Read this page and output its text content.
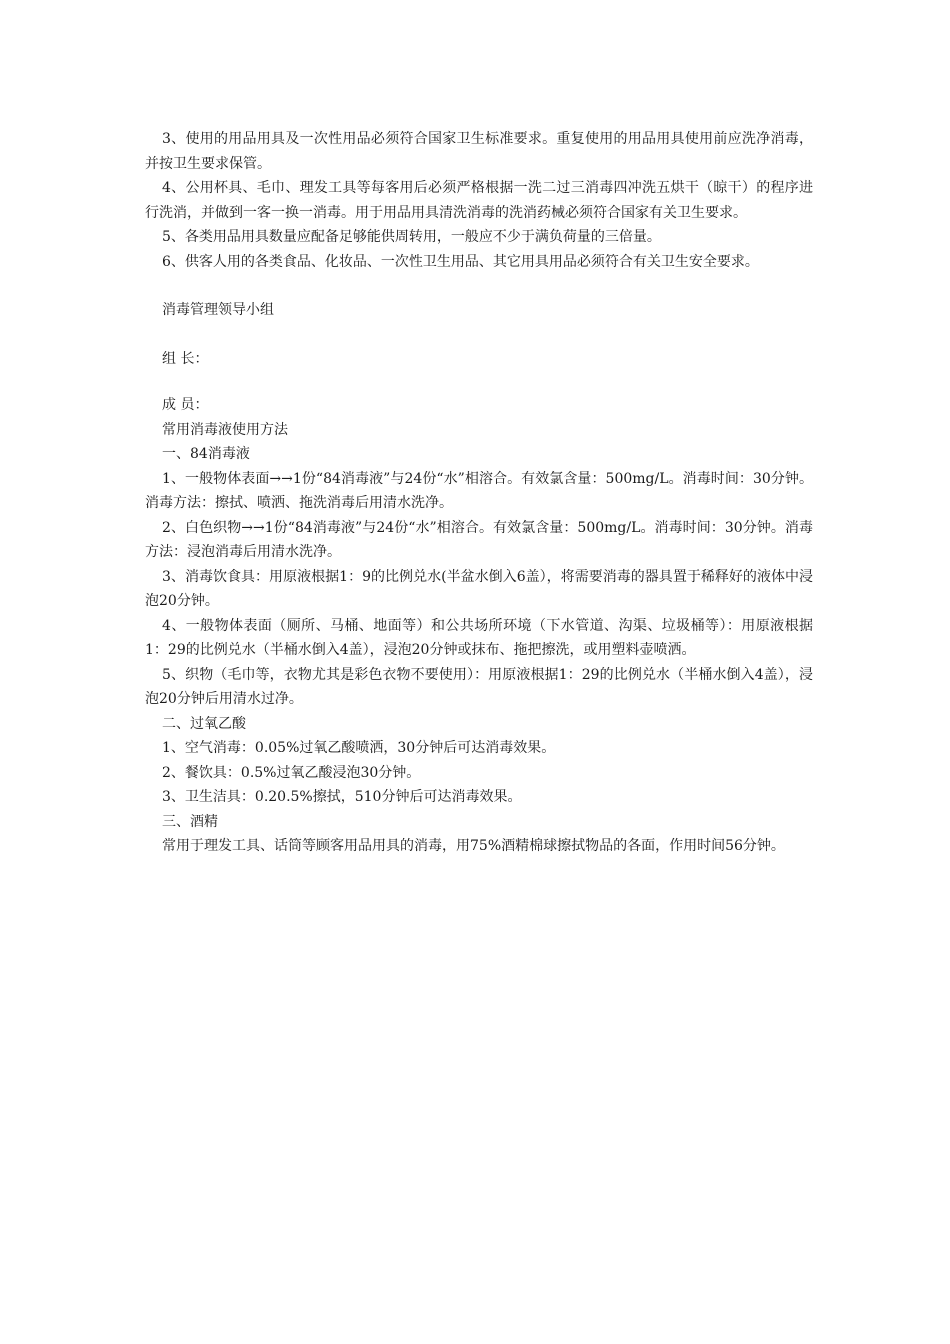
3、使用的用品用具及一次性用品必须符合国家卫生标准要求。重复使用的用品用具使用前应洗净消毒，并按卫生要求保管。

4、公用杯具、毛巾、理发工具等每客用后必须严格根据一洗二过三消毒四冲洗五烘干（晾干）的程序进行洗消，并做到一客一换一消毒。用于用品用具清洗消毒的洗消药械必须符合国家有关卫生要求。

5、各类用品用具数量应配备足够能供周转用，一般应不少于满负荷量的三倍量。

6、供客人用的各类食品、化妆品、一次性卫生用品、其它用具用品必须符合有关卫生安全要求。

消毒管理领导小组

组 长：

成 员：

常用消毒液使用方法

一、84消毒液

1、一般物体表面→→1份“84消毒液”与24份“水”相溶合。有效氯含量：500mg/L。消毒时间：30分钟。消毒方法：擦拭、喷洒、拖洗消毒后用清水洗净。

2、白色织物→→1份“84消毒液”与24份“水”相溶合。有效氯含量：500mg/L。消毒时间：30分钟。消毒方法：浸泡消毒后用清水洗净。

3、消毒饮食具：用原液根据1：9的比例兑水(半盆水倒入6盖），将需要消毒的器具置于稀释好的液体中浸泡20分钟。

4、一般物体表面（厕所、马桶、地面等）和公共场所环境（下水管道、沟渠、垃圾桶等）：用原液根据1：29的比例兑水（半桶水倒入4盖），浸泡20分钟或抹布、拖把擦洗，或用塑料壶喷洒。

5、织物（毛巾等，衣物尤其是彩色衣物不要使用）：用原液根据1：29的比例兑水（半桶水倒入4盖），浸泡20分钟后用清水过净。

二、过氧乙酸

1、空气消毒：0.05%过氧乙酸喷洒，30分钟后可达消毒效果。

2、餐饮具：0.5%过氧乙酸浸泡30分钟。

3、卫生洁具：0.20.5%擦拭，510分钟后可达消毒效果。

三、酒精

常用于理发工具、话筒等顾客用品用具的消毒，用75%酒精棉球擦拭物品的各面，作用时间56分钟。
